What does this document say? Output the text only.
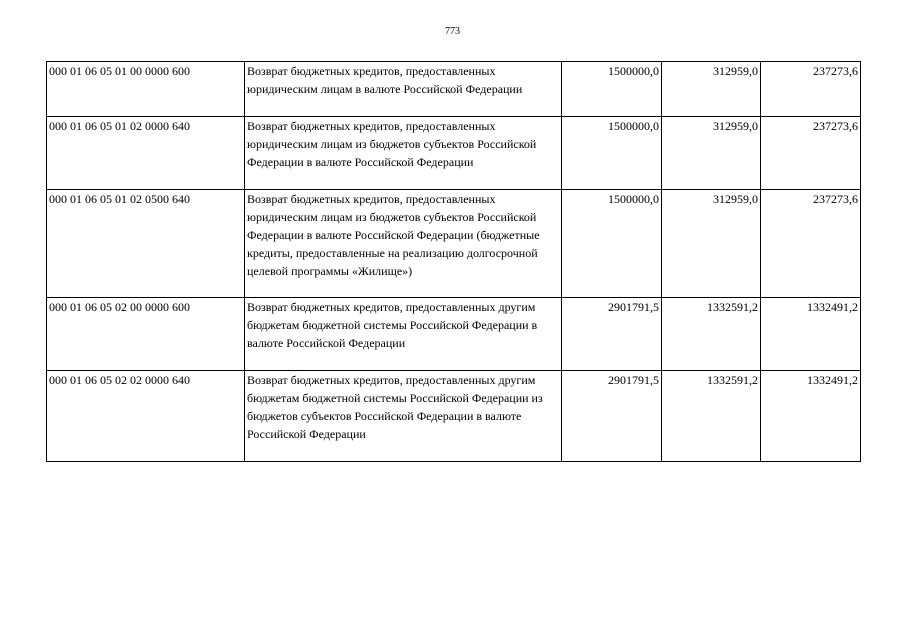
773
000 01 06 05 01 00 0000 600	Возврат бюджетных кредитов, предоставленных юридическим лицам в валюте Российской Федерации	1500000,0	312959,0	237273,6
000 01 06 05 01 02 0000 640	Возврат бюджетных кредитов, предоставленных юридическим лицам из бюджетов субъектов Российской Федерации в валюте Российской Федерации	1500000,0	312959,0	237273,6
000 01 06 05 01 02 0500 640	Возврат бюджетных кредитов, предоставленных юридическим лицам из бюджетов субъектов Российской Федерации в валюте Российской Федерации (бюджетные кредиты, предоставленные на реализацию долгосрочной целевой программы «Жилище»)	1500000,0	312959,0	237273,6
000 01 06 05 02 00 0000 600	Возврат бюджетных кредитов, предоставленных другим бюджетам бюджетной системы Российской Федерации в валюте Российской Федерации	2901791,5	1332591,2	1332491,2
000 01 06 05 02 02 0000 640	Возврат бюджетных кредитов, предоставленных другим бюджетам бюджетной системы Российской Федерации из бюджетов субъектов Российской Федерации в валюте Российской Федерации	2901791,5	1332591,2	1332491,2
